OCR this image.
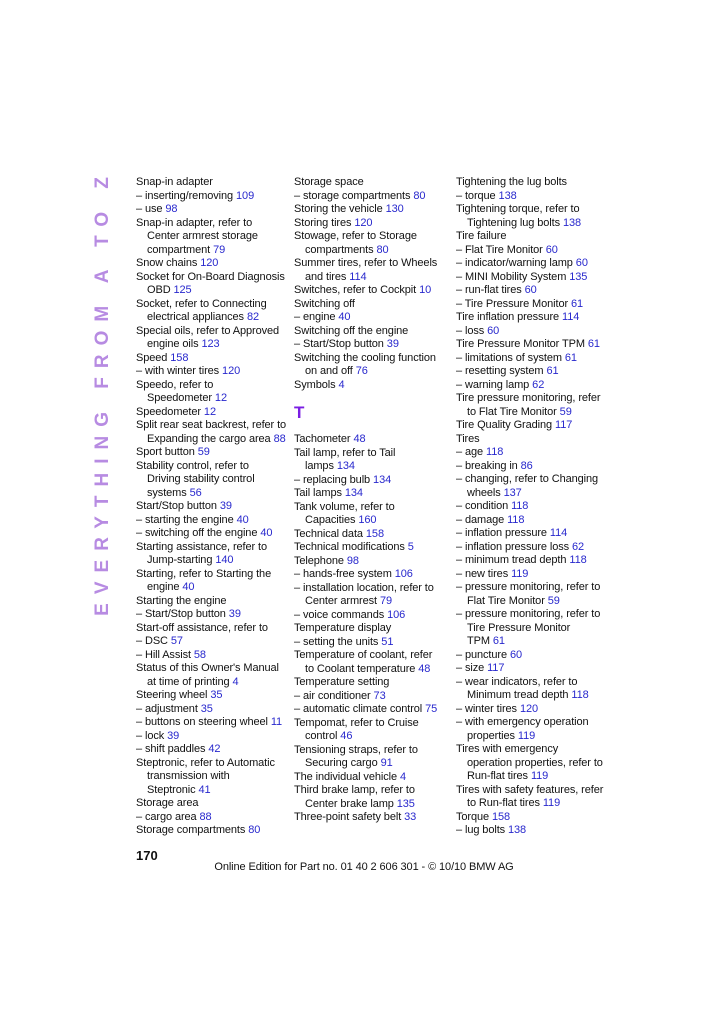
EVERYTHING FROM A TO Z Snap-in adapter
– inserting/removing 109
– use 98
Snap-in adapter, refer to
Center armrest storage
compartment 79
Snow chains 120
Socket for On-Board Diagnosis
OBD 125
Socket, refer to Connecting
electrical appliances 82
Special oils, refer to Approved
engine oils 123
Speed 158
– with winter tires 120
Speedo, refer to
Speedometer 12
Speedometer 12
Split rear seat backrest, refer to
Expanding the cargo area 88
Sport button 59
Stability control, refer to
Driving stability control
systems 56
Start/Stop button 39
– starting the engine 40
– switching off the engine 40
Starting assistance, refer to
Jump-starting 140
Starting, refer to Starting the
engine 40
Starting the engine
– Start/Stop button 39
Start-off assistance, refer to
– DSC 57
– Hill Assist 58
Status of this Owner's Manual
at time of printing 4
Steering wheel 35
– adjustment 35
– buttons on steering wheel 11
– lock 39
– shift paddles 42
Steptronic, refer to Automatic
transmission with
Steptronic 41
Storage area
– cargo area 88
Storage compartments 80
Storage space
– storage compartments 80
Storing the vehicle 130
Storing tires 120
Stowage, refer to Storage
compartments 80
Summer tires, refer to Wheels
and tires 114
Switches, refer to Cockpit 10
Switching off
– engine 40
Switching off the engine
– Start/Stop button 39
Switching the cooling function
on and off 76
Symbols 4
T
Tachometer 48
Tail lamp, refer to Tail
lamps 134
– replacing bulb 134
Tail lamps 134
Tank volume, refer to
Capacities 160
Technical data 158
Technical modifications 5
Telephone 98
– hands-free system 106
– installation location, refer to
Center armrest 79
– voice commands 106
Temperature display
– setting the units 51
Temperature of coolant, refer
to Coolant temperature 48
Temperature setting
– air conditioner 73
– automatic climate control 75
Tempomat, refer to Cruise
control 46
Tensioning straps, refer to
Securing cargo 91
The individual vehicle 4
Third brake lamp, refer to
Center brake lamp 135
Three-point safety belt 33
Tightening the lug bolts
– torque 138
Tightening torque, refer to
Tightening lug bolts 138
Tire failure
– Flat Tire Monitor 60
– indicator/warning lamp 60
– MINI Mobility System 135
– run-flat tires 60
– Tire Pressure Monitor 61
Tire inflation pressure 114
– loss 60
Tire Pressure Monitor TPM 61
– limitations of system 61
– resetting system 61
– warning lamp 62
Tire pressure monitoring, refer
to Flat Tire Monitor 59
Tire Quality Grading 117
Tires
– age 118
– breaking in 86
– changing, refer to Changing
wheels 137
– condition 118
– damage 118
– inflation pressure 114
– inflation pressure loss 62
– minimum tread depth 118
– new tires 119
– pressure monitoring, refer to
Flat Tire Monitor 59
– pressure monitoring, refer to
Tire Pressure Monitor
TPM 61
– puncture 60
– size 117
– wear indicators, refer to
Minimum tread depth 118
– winter tires 120
– with emergency operation
properties 119
Tires with emergency
operation properties, refer to
Run-flat tires 119
Tires with safety features, refer
to Run-flat tires 119
Torque 158
– lug bolts 138
170
Online Edition for Part no. 01 40 2 606 301 - © 10/10 BMW AG
